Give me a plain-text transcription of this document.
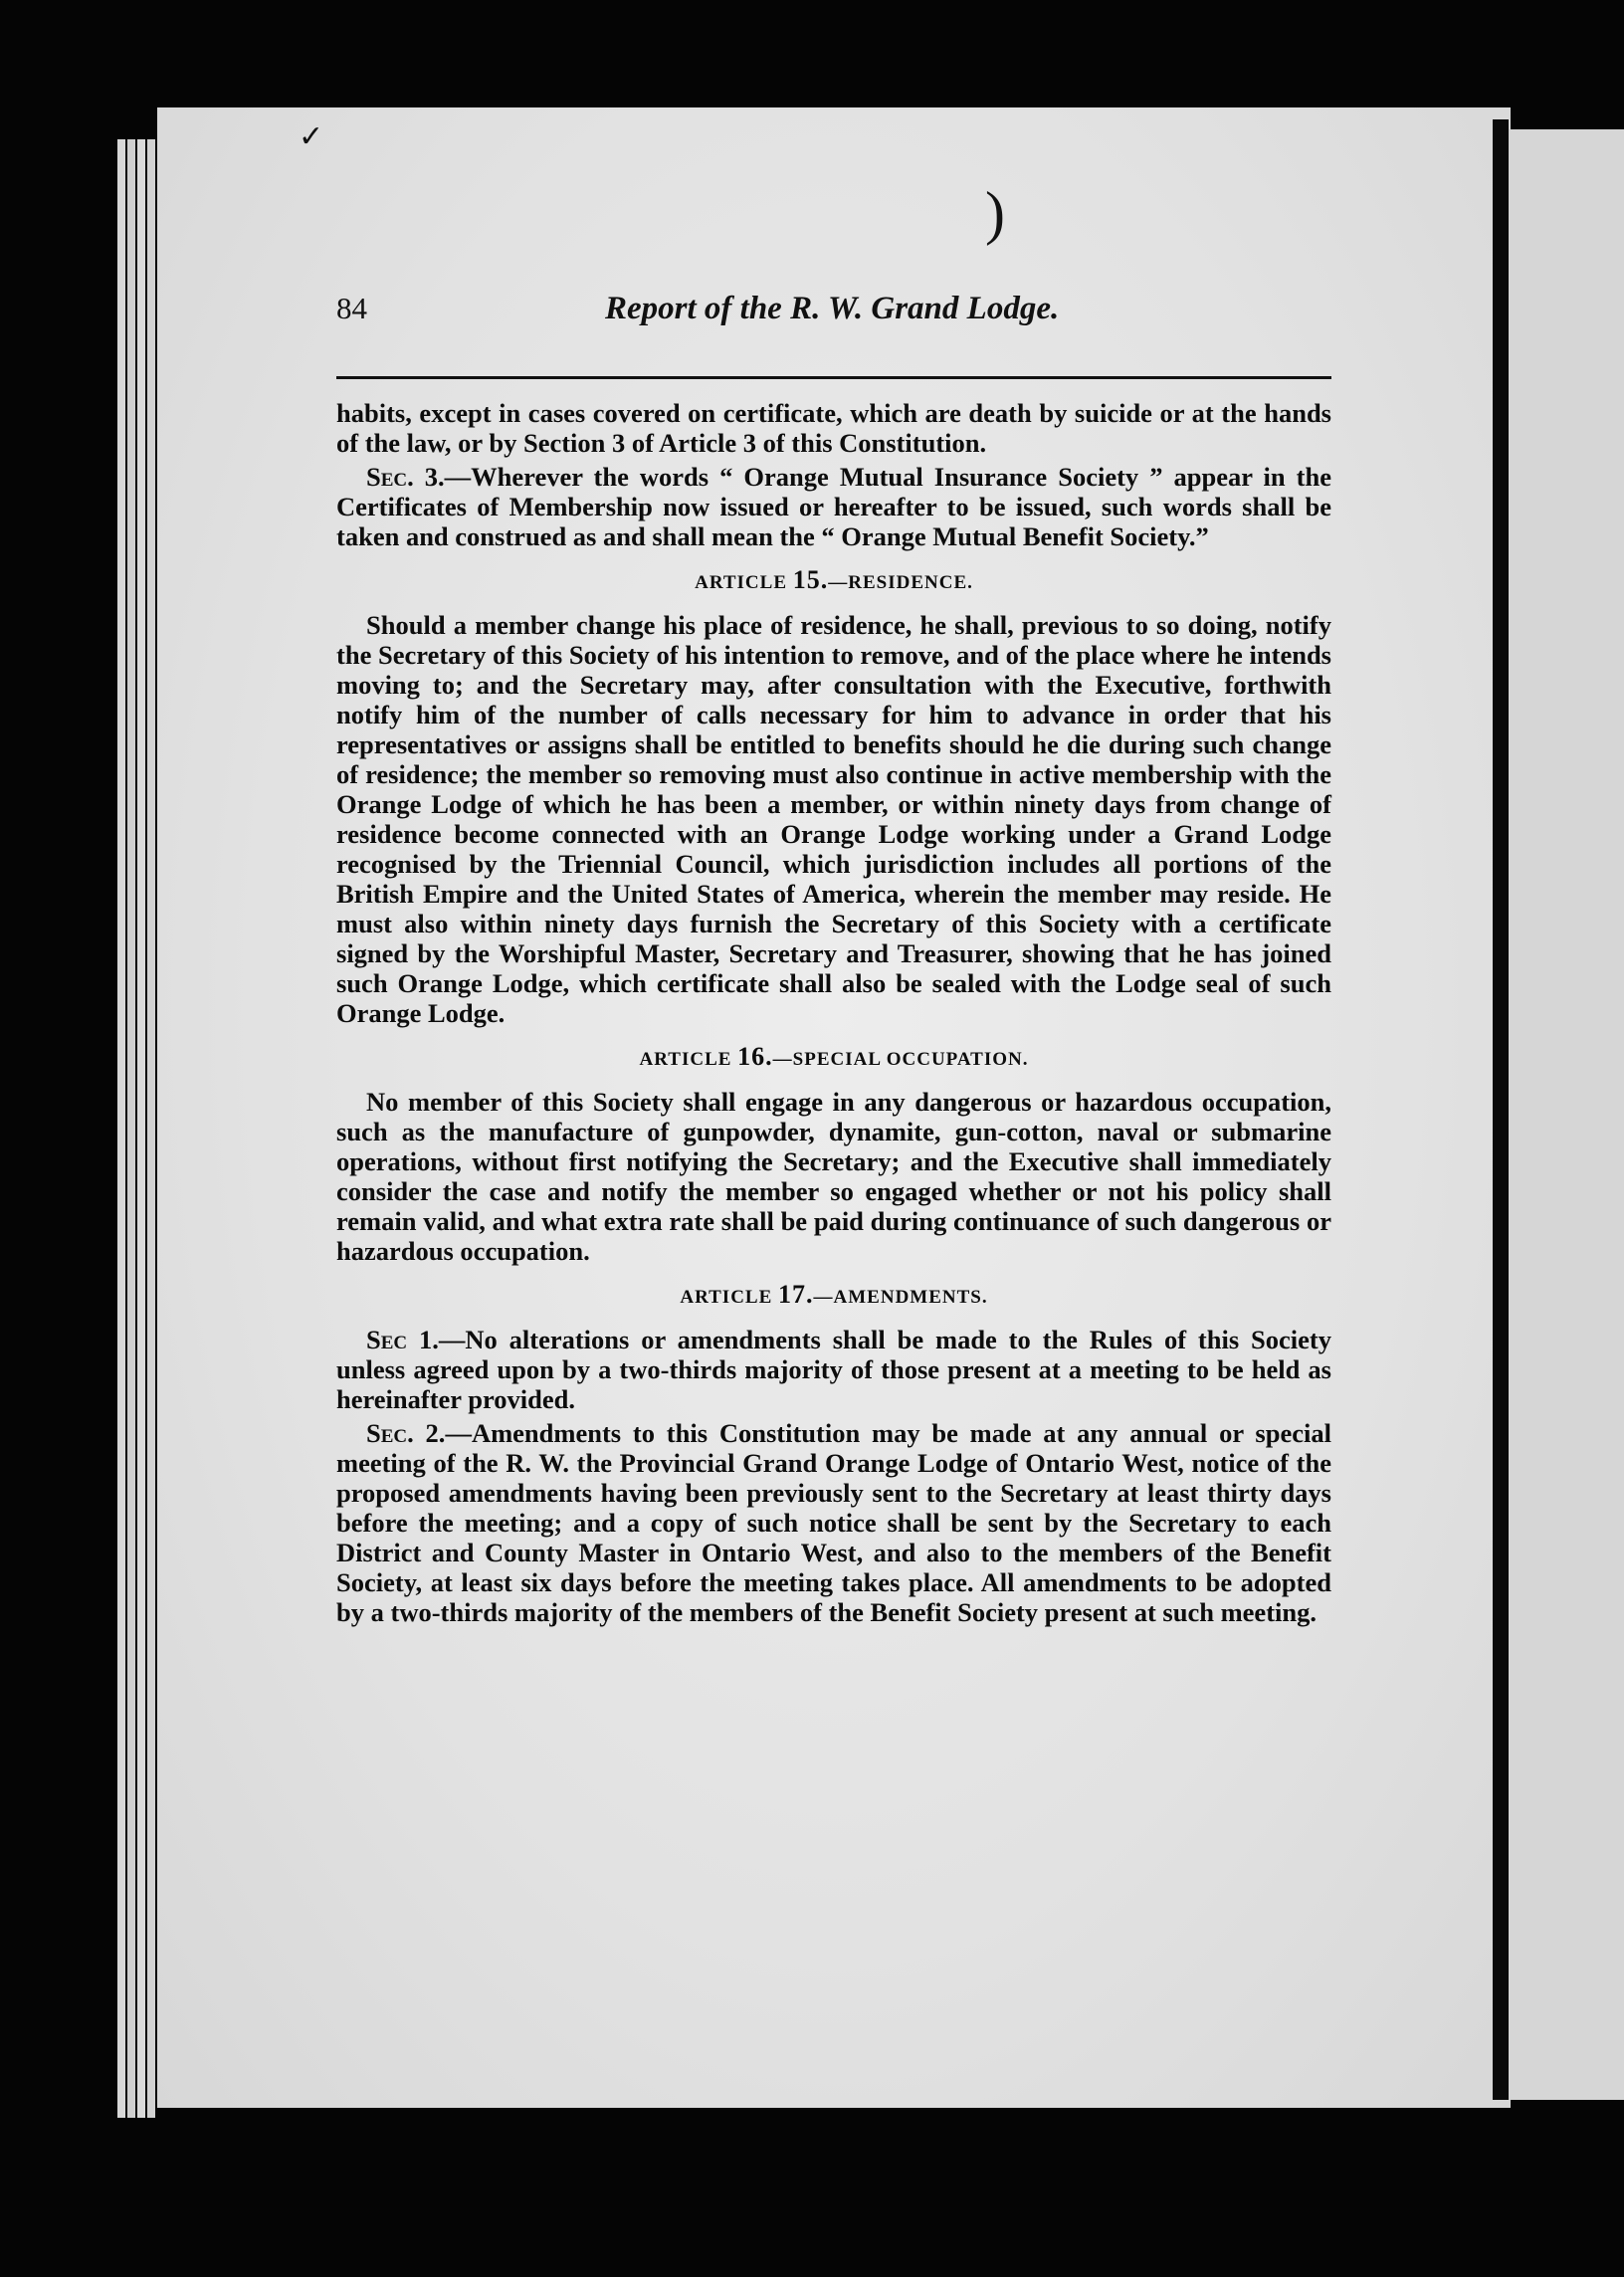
✓
)
84	Report of the R. W. Grand Lodge.

habits, except in cases covered on certificate, which are death by suicide or at the hands of the law, or by Section 3 of Article 3 of this Constitution.

Sec. 3.—Wherever the words “ Orange Mutual Insurance Society ” appear in the Certificates of Membership now issued or hereafter to be issued, such words shall be taken and construed as and shall mean the “ Orange Mutual Benefit Society.”

ARTICLE 15.—RESIDENCE.

Should a member change his place of residence, he shall, previous to so doing, notify the Secretary of this Society of his intention to remove, and of the place where he intends moving to; and the Secretary may, after consultation with the Executive, forthwith notify him of the number of calls necessary for him to advance in order that his representatives or assigns shall be entitled to benefits should he die during such change of residence; the member so removing must also continue in active membership with the Orange Lodge of which he has been a member, or within ninety days from change of residence become connected with an Orange Lodge working under a Grand Lodge recognised by the Triennial Council, which jurisdiction includes all portions of the British Empire and the United States of America, wherein the member may reside. He must also within ninety days furnish the Secretary of this Society with a certificate signed by the Worshipful Master, Secretary and Treasurer, showing that he has joined such Orange Lodge, which certificate shall also be sealed with the Lodge seal of such Orange Lodge.

ARTICLE 16.—SPECIAL OCCUPATION.

No member of this Society shall engage in any dangerous or hazardous occupation, such as the manufacture of gunpowder, dynamite, gun-cotton, naval or submarine operations, without first notifying the Secretary; and the Executive shall immediately consider the case and notify the member so engaged whether or not his policy shall remain valid, and what extra rate shall be paid during continuance of such dangerous or hazardous occupation.

ARTICLE 17.—AMENDMENTS.

Sec 1.—No alterations or amendments shall be made to the Rules of this Society unless agreed upon by a two-thirds majority of those present at a meeting to be held as hereinafter provided.

Sec. 2.—Amendments to this Constitution may be made at any annual or special meeting of the R. W. the Provincial Grand Orange Lodge of Ontario West, notice of the proposed amendments having been previously sent to the Secretary at least thirty days before the meeting; and a copy of such notice shall be sent by the Secretary to each District and County Master in Ontario West, and also to the members of the Benefit Society, at least six days before the meeting takes place. All amendments to be adopted by a two-thirds majority of the members of the Benefit Society present at such meeting.
